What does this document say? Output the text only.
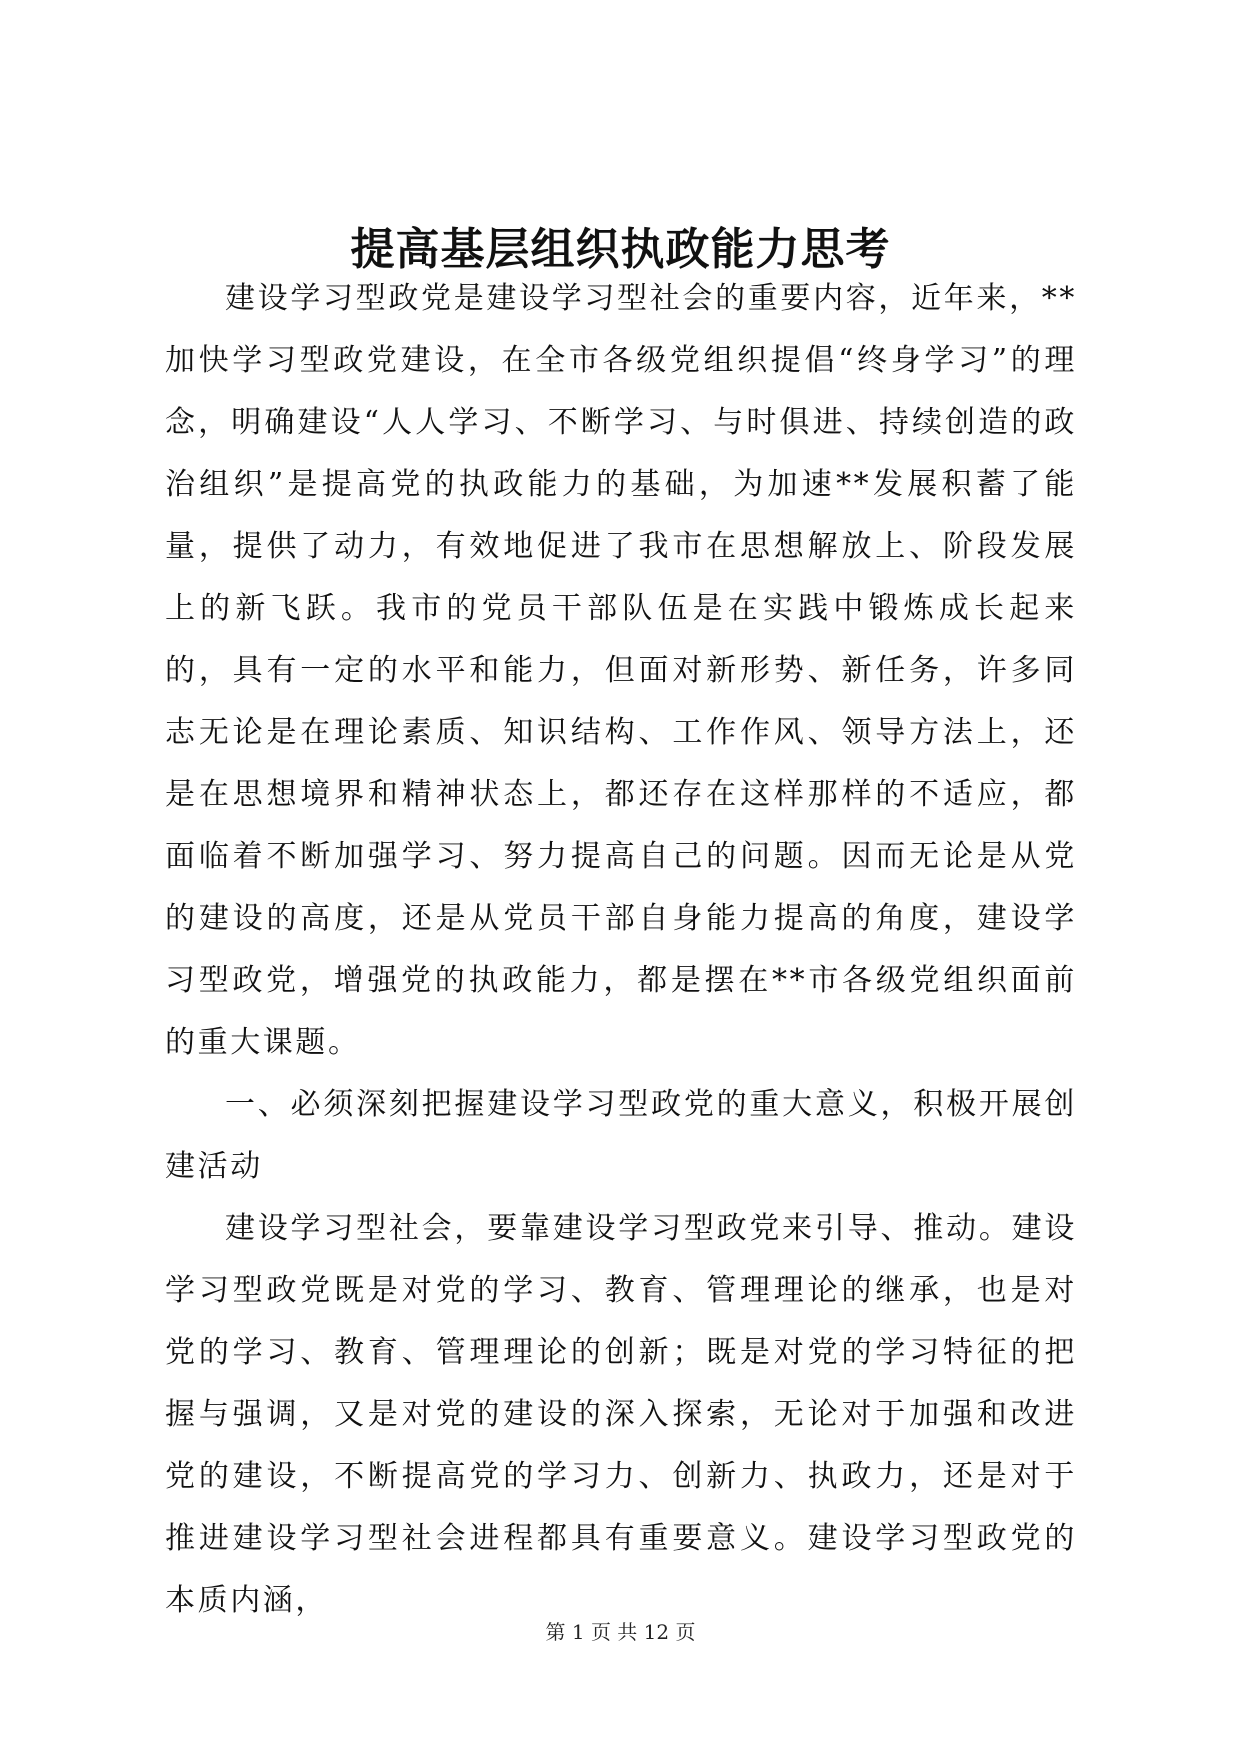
提高基层组织执政能力思考

建设学习型政党是建设学习型社会的重要内容，近年来，**加快学习型政党建设，在全市各级党组织提倡“终身学习”的理念，明确建设“人人学习、不断学习、与时俱进、持续创造的政治组织”是提高党的执政能力的基础，为加速**发展积蓄了能量，提供了动力，有效地促进了我市在思想解放上、阶段发展上的新飞跃。我市的党员干部队伍是在实践中锻炼成长起来的，具有一定的水平和能力，但面对新形势、新任务，许多同志无论是在理论素质、知识结构、工作作风、领导方法上，还是在思想境界和精神状态上，都还存在这样那样的不适应，都面临着不断加强学习、努力提高自己的问题。因而无论是从党的建设的高度，还是从党员干部自身能力提高的角度，建设学习型政党，增强党的执政能力，都是摆在**市各级党组织面前的重大课题。

一、必须深刻把握建设学习型政党的重大意义，积极开展创建活动

建设学习型社会，要靠建设学习型政党来引导、推动。建设学习型政党既是对党的学习、教育、管理理论的继承，也是对党的学习、教育、管理理论的创新；既是对党的学习特征的把握与强调，又是对党的建设的深入探索，无论对于加强和改进党的建设，不断提高党的学习力、创新力、执政力，还是对于推进建设学习型社会进程都具有重要意义。建设学习型政党的本质内涵，

第 1 页 共 12 页
